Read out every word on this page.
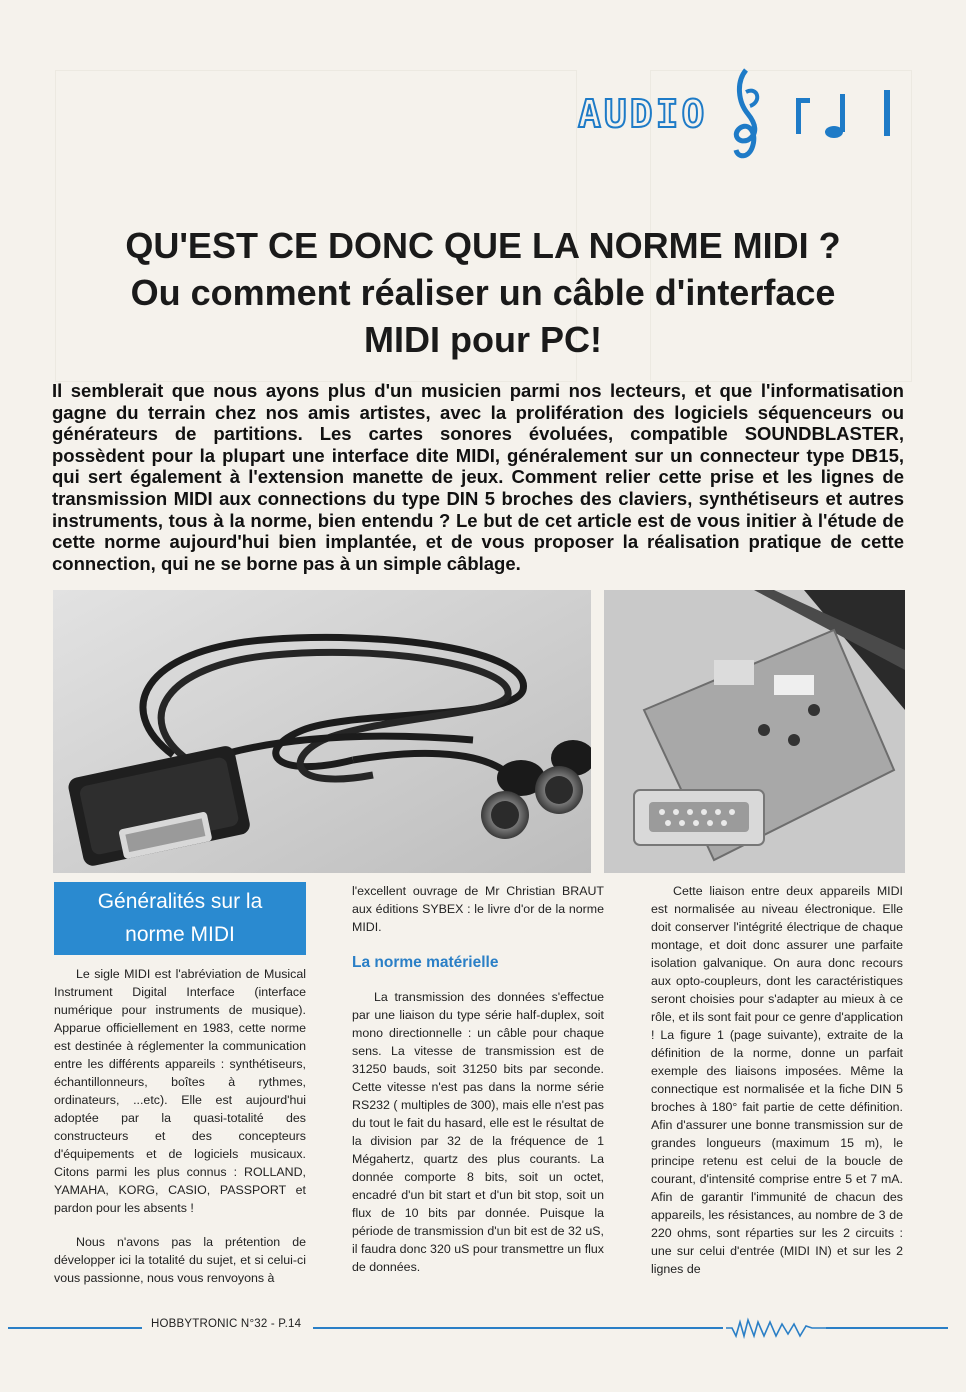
AUDIO
QU'EST CE DONC QUE LA NORME MIDI ?
Ou comment réaliser un câble d'interface
MIDI pour PC!
Il semblerait que nous ayons plus d'un musicien parmi nos lecteurs, et que l'informatisation gagne du terrain chez nos amis artistes, avec la prolifération des logiciels séquenceurs ou générateurs de partitions. Les cartes sonores évoluées, compatible SOUNDBLASTER, possèdent pour la plupart une interface dite MIDI, généralement sur un connecteur type DB15, qui sert également à l'extension manette de jeux. Comment relier cette prise et les lignes de transmission MIDI aux connections du type DIN 5 broches des claviers, synthétiseurs et autres instruments, tous à la norme, bien entendu ? Le but de cet article est de vous initier à l'étude de cette norme aujourd'hui bien implantée, et de vous proposer la réalisation pratique de cette connection, qui ne se borne pas à un simple câblage.
Généralités sur la
norme MIDI

Le sigle MIDI est l'abréviation de Musical Instrument Digital Interface (interface numérique pour instruments de musique). Apparue officiellement en 1983, cette norme est destinée à réglementer la communication entre les différents appareils : synthétiseurs, échantillonneurs, boîtes à rythmes, ordinateurs, ...etc). Elle est aujourd'hui adoptée par la quasi-totalité des constructeurs et des concepteurs d'équipements et de logiciels musicaux. Citons parmi les plus connus : ROLLAND, YAMAHA, KORG, CASIO, PASSPORT et pardon pour les absents !

Nous n'avons pas la prétention de développer ici la totalité du sujet, et si celui-ci vous passionne, nous vous renvoyons à

l'excellent ouvrage de Mr Christian BRAUT aux éditions SYBEX : le livre d'or de la norme MIDI.

La norme matérielle

La transmission des données s'effectue par une liaison du type série half-duplex, soit mono directionnelle : un câble pour chaque sens. La vitesse de transmission est de 31250 bauds, soit 31250 bits par seconde. Cette vitesse n'est pas dans la norme série RS232 ( multiples de 300), mais elle n'est pas du tout le fait du hasard, elle est le résultat de la division par 32 de la fréquence de 1 Mégahertz, quartz des plus courants. La donnée comporte 8 bits, soit un octet, encadré d'un bit start et d'un bit stop, soit un flux de 10 bits par donnée. Puisque la période de transmission d'un bit est de 32 uS, il faudra donc 320 uS pour transmettre un flux de données.

Cette liaison entre deux appareils MIDI est normalisée au niveau électronique. Elle doit conserver l'intégrité électrique de chaque montage, et doit donc assurer une parfaite isolation galvanique. On aura donc recours aux opto-coupleurs, dont les caractéristiques seront choisies pour s'adapter au mieux à ce rôle, et ils sont fait pour ce genre d'application ! La figure 1 (page suivante), extraite de la définition de la norme, donne un parfait exemple des liaisons imposées. Même la connectique est normalisée et la fiche DIN 5 broches à 180° fait partie de cette définition. Afin d'assurer une bonne transmission sur de grandes longueurs (maximum 15 m), le principe retenu est celui de la boucle de courant, d'intensité comprise entre 5 et 7 mA. Afin de garantir l'immunité de chacun des appareils, les résistances, au nombre de 3 de 220 ohms, sont réparties sur les 2 circuits : une sur celui d'entrée (MIDI IN) et sur les 2 lignes de

HOBBYTRONIC N°32 - P.14
